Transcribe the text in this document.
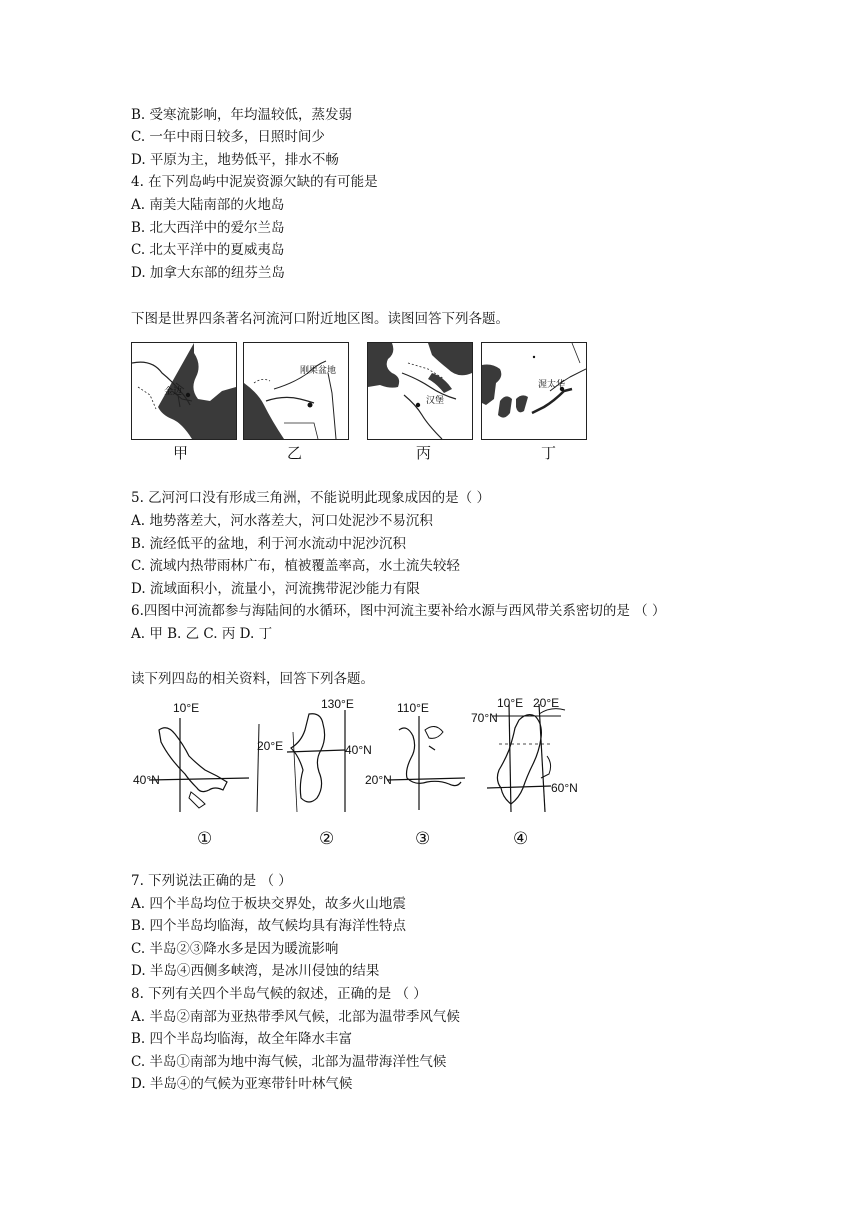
B. 受寒流影响，年均温较低，蒸发弱
C. 一年中雨日较多，日照时间少
D. 平原为主，地势低平，排水不畅
4. 在下列岛屿中泥炭资源欠缺的有可能是
A. 南美大陆南部的火地岛
B. 北大西洋中的爱尔兰岛
C. 北太平洋中的夏威夷岛
D. 加拿大东部的纽芬兰岛
下图是世界四条著名河流河口附近地区图。读图回答下列各题。
金边
甲
刚果盆地
乙
汉堡
丙
渥太华
丁
5. 乙河河口没有形成三角洲，不能说明此现象成因的是（ ）
A. 地势落差大，河水落差大，河口处泥沙不易沉积
B. 流经低平的盆地，利于河水流动中泥沙沉积
C. 流域内热带雨林广布，植被覆盖率高，水土流失较轻
D. 流域面积小，流量小，河流携带泥沙能力有限
6.四图中河流都参与海陆间的水循环，图中河流主要补给水源与西风带关系密切的是 （ ）
A. 甲 B. 乙 C. 丙 D. 丁
读下列四岛的相关资料，回答下列各题。
10°E
40°N
①
130°E
20°E	40°N
②
110°E
20°N
③
10°E 20°E
70°N
60°N
④
7. 下列说法正确的是 （ ）
A. 四个半岛均位于板块交界处，故多火山地震
B. 四个半岛均临海，故气候均具有海洋性特点
C. 半岛②③降水多是因为暖流影响
D. 半岛④西侧多峡湾，是冰川侵蚀的结果
8. 下列有关四个半岛气候的叙述，正确的是 （ ）
A. 半岛②南部为亚热带季风气候，北部为温带季风气候
B. 四个半岛均临海，故全年降水丰富
C. 半岛①南部为地中海气候，北部为温带海洋性气候
D. 半岛④的气候为亚寒带针叶林气候
